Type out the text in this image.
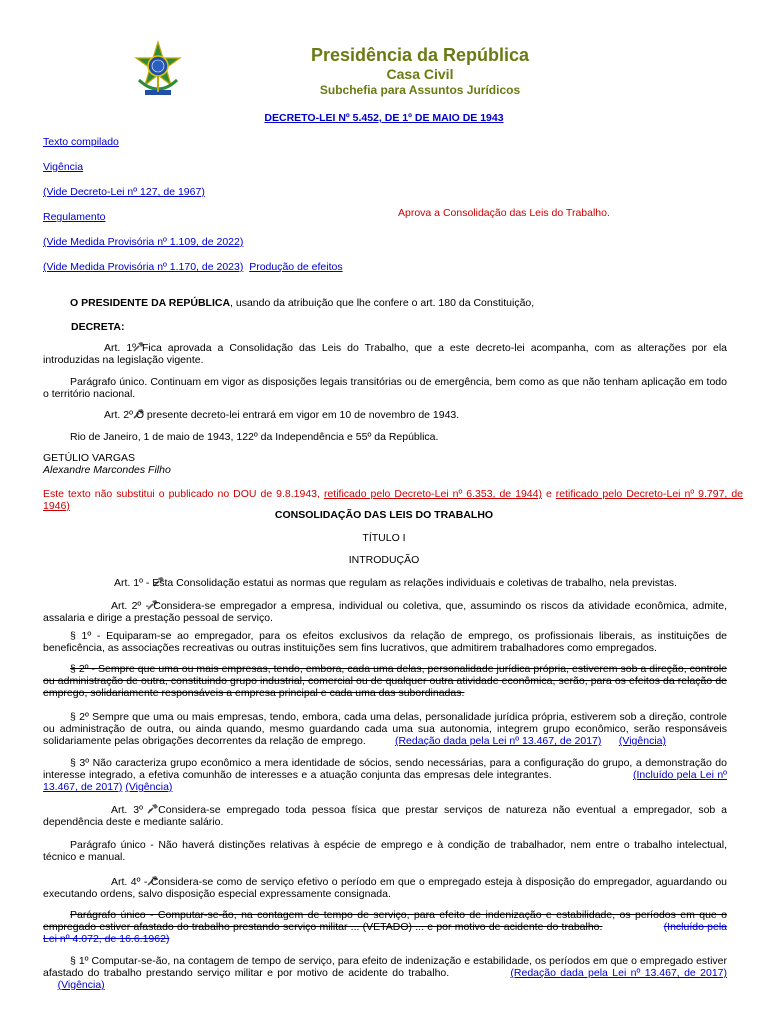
Presidência da República
Casa Civil
Subchefia para Assuntos Jurídicos
DECRETO-LEI Nº 5.452, DE 1º DE MAIO DE 1943
Texto compilado
Vigência
(Vide Decreto-Lei nº 127, de 1967)
Regulamento
(Vide Medida Provisória nº 1.109, de 2022)
(Vide Medida Provisória nº 1.170, de 2023) Produção de efeitos
Aprova a Consolidação das Leis do Trabalho.
O PRESIDENTE DA REPÚBLICA, usando da atribuição que lhe confere o art. 180 da Constituição,
DECRETA:
Art. 1º Fica aprovada a Consolidação das Leis do Trabalho, que a este decreto-lei acompanha, com as alterações por ela introduzidas na legislação vigente.
Parágrafo único. Continuam em vigor as disposições legais transitórias ou de emergência, bem como as que não tenham aplicação em todo o território nacional.
Art. 2º O presente decreto-lei entrará em vigor em 10 de novembro de 1943.
Rio de Janeiro, 1 de maio de 1943, 122º da Independência e 55º da República.
GETÚLIO VARGAS
Alexandre Marcondes Filho
Este texto não substitui o publicado no DOU de 9.8.1943, retificado pelo Decreto-Lei nº 6.353, de 1944) e retificado pelo Decreto-Lei nº 9.797, de 1946)
CONSOLIDAÇÃO DAS LEIS DO TRABALHO
TÍTULO I
INTRODUÇÃO
Art. 1º - Esta Consolidação estatui as normas que regulam as relações individuais e coletivas de trabalho, nela previstas.
Art. 2º - Considera-se empregador a empresa, individual ou coletiva, que, assumindo os riscos da atividade econômica, admite, assalaria e dirige a prestação pessoal de serviço.
§ 1º - Equiparam-se ao empregador, para os efeitos exclusivos da relação de emprego, os profissionais liberais, as instituições de beneficência, as associações recreativas ou outras instituições sem fins lucrativos, que admitirem trabalhadores como empregados.
§ 2º - Sempre que uma ou mais empresas, tendo, embora, cada uma delas, personalidade jurídica própria, estiverem sob a direção, controle ou administração de outra, constituindo grupo industrial, comercial ou de qualquer outra atividade econômica, serão, para os efeitos da relação de emprego, solidariamente responsáveis a empresa principal e cada uma das subordinadas.
§ 2º Sempre que uma ou mais empresas, tendo, embora, cada uma delas, personalidade jurídica própria, estiverem sob a direção, controle ou administração de outra, ou ainda quando, mesmo guardando cada uma sua autonomia, integrem grupo econômico, serão responsáveis solidariamente pelas obrigações decorrentes da relação de emprego.	(Redação dada pela Lei nº 13.467, de 2017) (Vigência)
§ 3º Não caracteriza grupo econômico a mera identidade de sócios, sendo necessárias, para a configuração do grupo, a demonstração do interesse integrado, a efetiva comunhão de interesses e a atuação conjunta das empresas dele integrantes.	(Incluído pela Lei nº 13.467, de 2017) (Vigência)
Art. 3º - Considera-se empregado toda pessoa física que prestar serviços de natureza não eventual a empregador, sob a dependência deste e mediante salário.
Parágrafo único - Não haverá distinções relativas à espécie de emprego e à condição de trabalhador, nem entre o trabalho intelectual, técnico e manual.
Art. 4º - Considera-se como de serviço efetivo o período em que o empregado esteja à disposição do empregador, aguardando ou executando ordens, salvo disposição especial expressamente consignada.
Parágrafo único - Computar-se-ão, na contagem de tempo de serviço, para efeito de indenização e estabilidade, os períodos em que o empregado estiver afastado do trabalho prestando serviço militar ... (VETADO) ... e por motivo de acidente do trabalho.	(Incluído pela Lei nº 4.072, de 16.6.1962)
§ 1º Computar-se-ão, na contagem de tempo de serviço, para efeito de indenização e estabilidade, os períodos em que o empregado estiver afastado do trabalho prestando serviço militar e por motivo de acidente do trabalho.	(Redação dada pela Lei nº 13.467, de 2017)      (Vigência)
